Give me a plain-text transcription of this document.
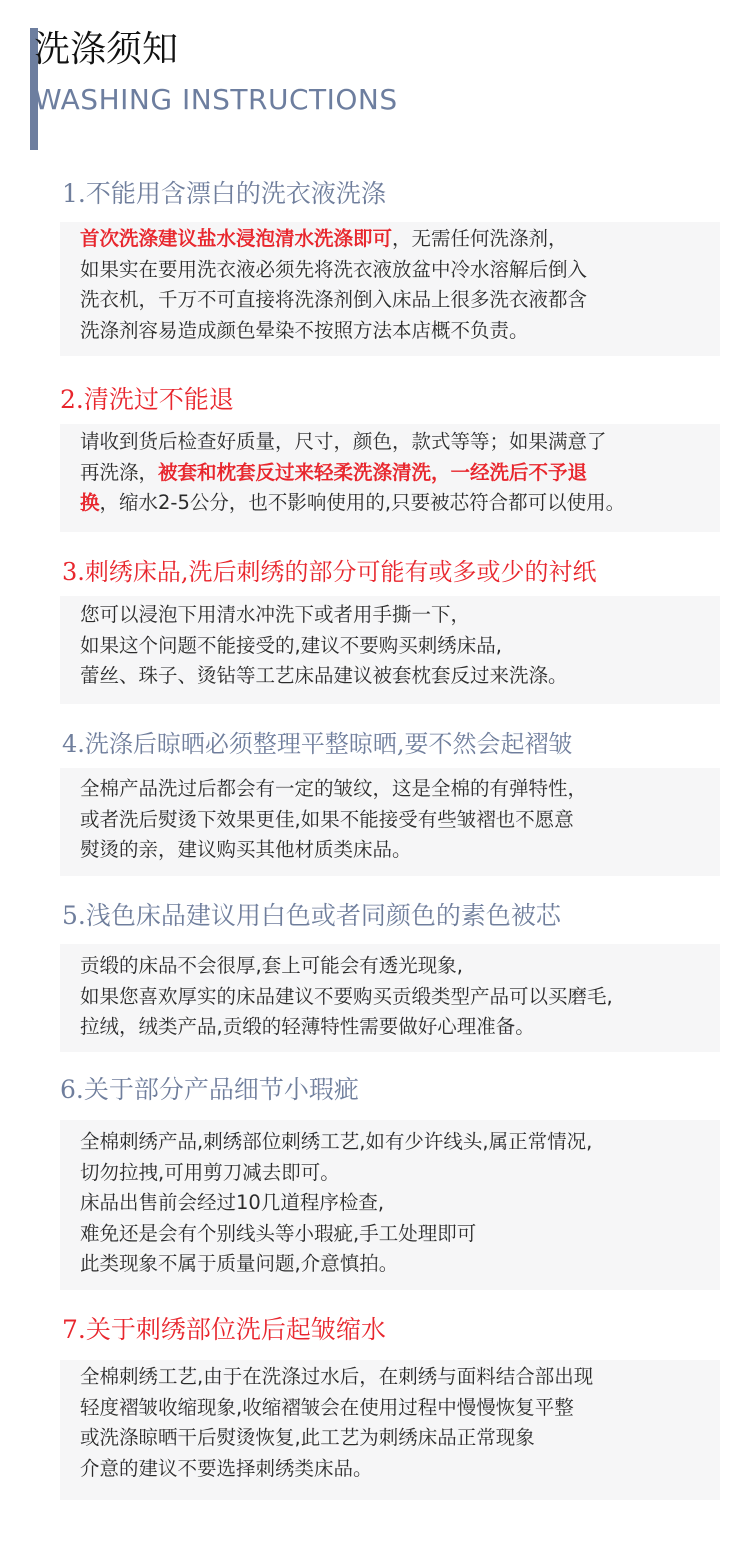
洗涤须知
WASHING INSTRUCTIONS
1.不能用含漂白的洗衣液洗涤
首次洗涤建议盐水浸泡清水洗涤即可，无需任何洗涤剂，
如果实在要用洗衣液必须先将洗衣液放盆中冷水溶解后倒入
洗衣机，千万不可直接将洗涤剂倒入床品上很多洗衣液都含
洗涤剂容易造成颜色晕染不按照方法本店概不负责。
2.清洗过不能退
请收到货后检查好质量，尺寸，颜色，款式等等；如果满意了
再洗涤，被套和枕套反过来轻柔洗涤清洗，一经洗后不予退
换，缩水2-5公分，也不影响使用的,只要被芯符合都可以使用。
3.刺绣床品,洗后刺绣的部分可能有或多或少的衬纸
您可以浸泡下用清水冲洗下或者用手撕一下，
如果这个问题不能接受的,建议不要购买刺绣床品,
蕾丝、珠子、烫钻等工艺床品建议被套枕套反过来洗涤。
4.洗涤后晾晒必须整理平整晾晒,要不然会起褶皱
全棉产品洗过后都会有一定的皱纹，这是全棉的有弹特性，
或者洗后熨烫下效果更佳,如果不能接受有些皱褶也不愿意
熨烫的亲，建议购买其他材质类床品。
5.浅色床品建议用白色或者同颜色的素色被芯
贡缎的床品不会很厚,套上可能会有透光现象,
如果您喜欢厚实的床品建议不要购买贡缎类型产品可以买磨毛,
拉绒，绒类产品,贡缎的轻薄特性需要做好心理准备。
6.关于部分产品细节小瑕疵
全棉刺绣产品,刺绣部位刺绣工艺,如有少许线头,属正常情况,
切勿拉拽,可用剪刀减去即可。
床品出售前会经过10几道程序检查,
难免还是会有个别线头等小瑕疵,手工处理即可
此类现象不属于质量问题,介意慎拍。
7.关于刺绣部位洗后起皱缩水
全棉刺绣工艺,由于在洗涤过水后，在刺绣与面料结合部出现
轻度褶皱收缩现象,收缩褶皱会在使用过程中慢慢恢复平整
或洗涤晾晒干后熨烫恢复,此工艺为刺绣床品正常现象
介意的建议不要选择刺绣类床品。
